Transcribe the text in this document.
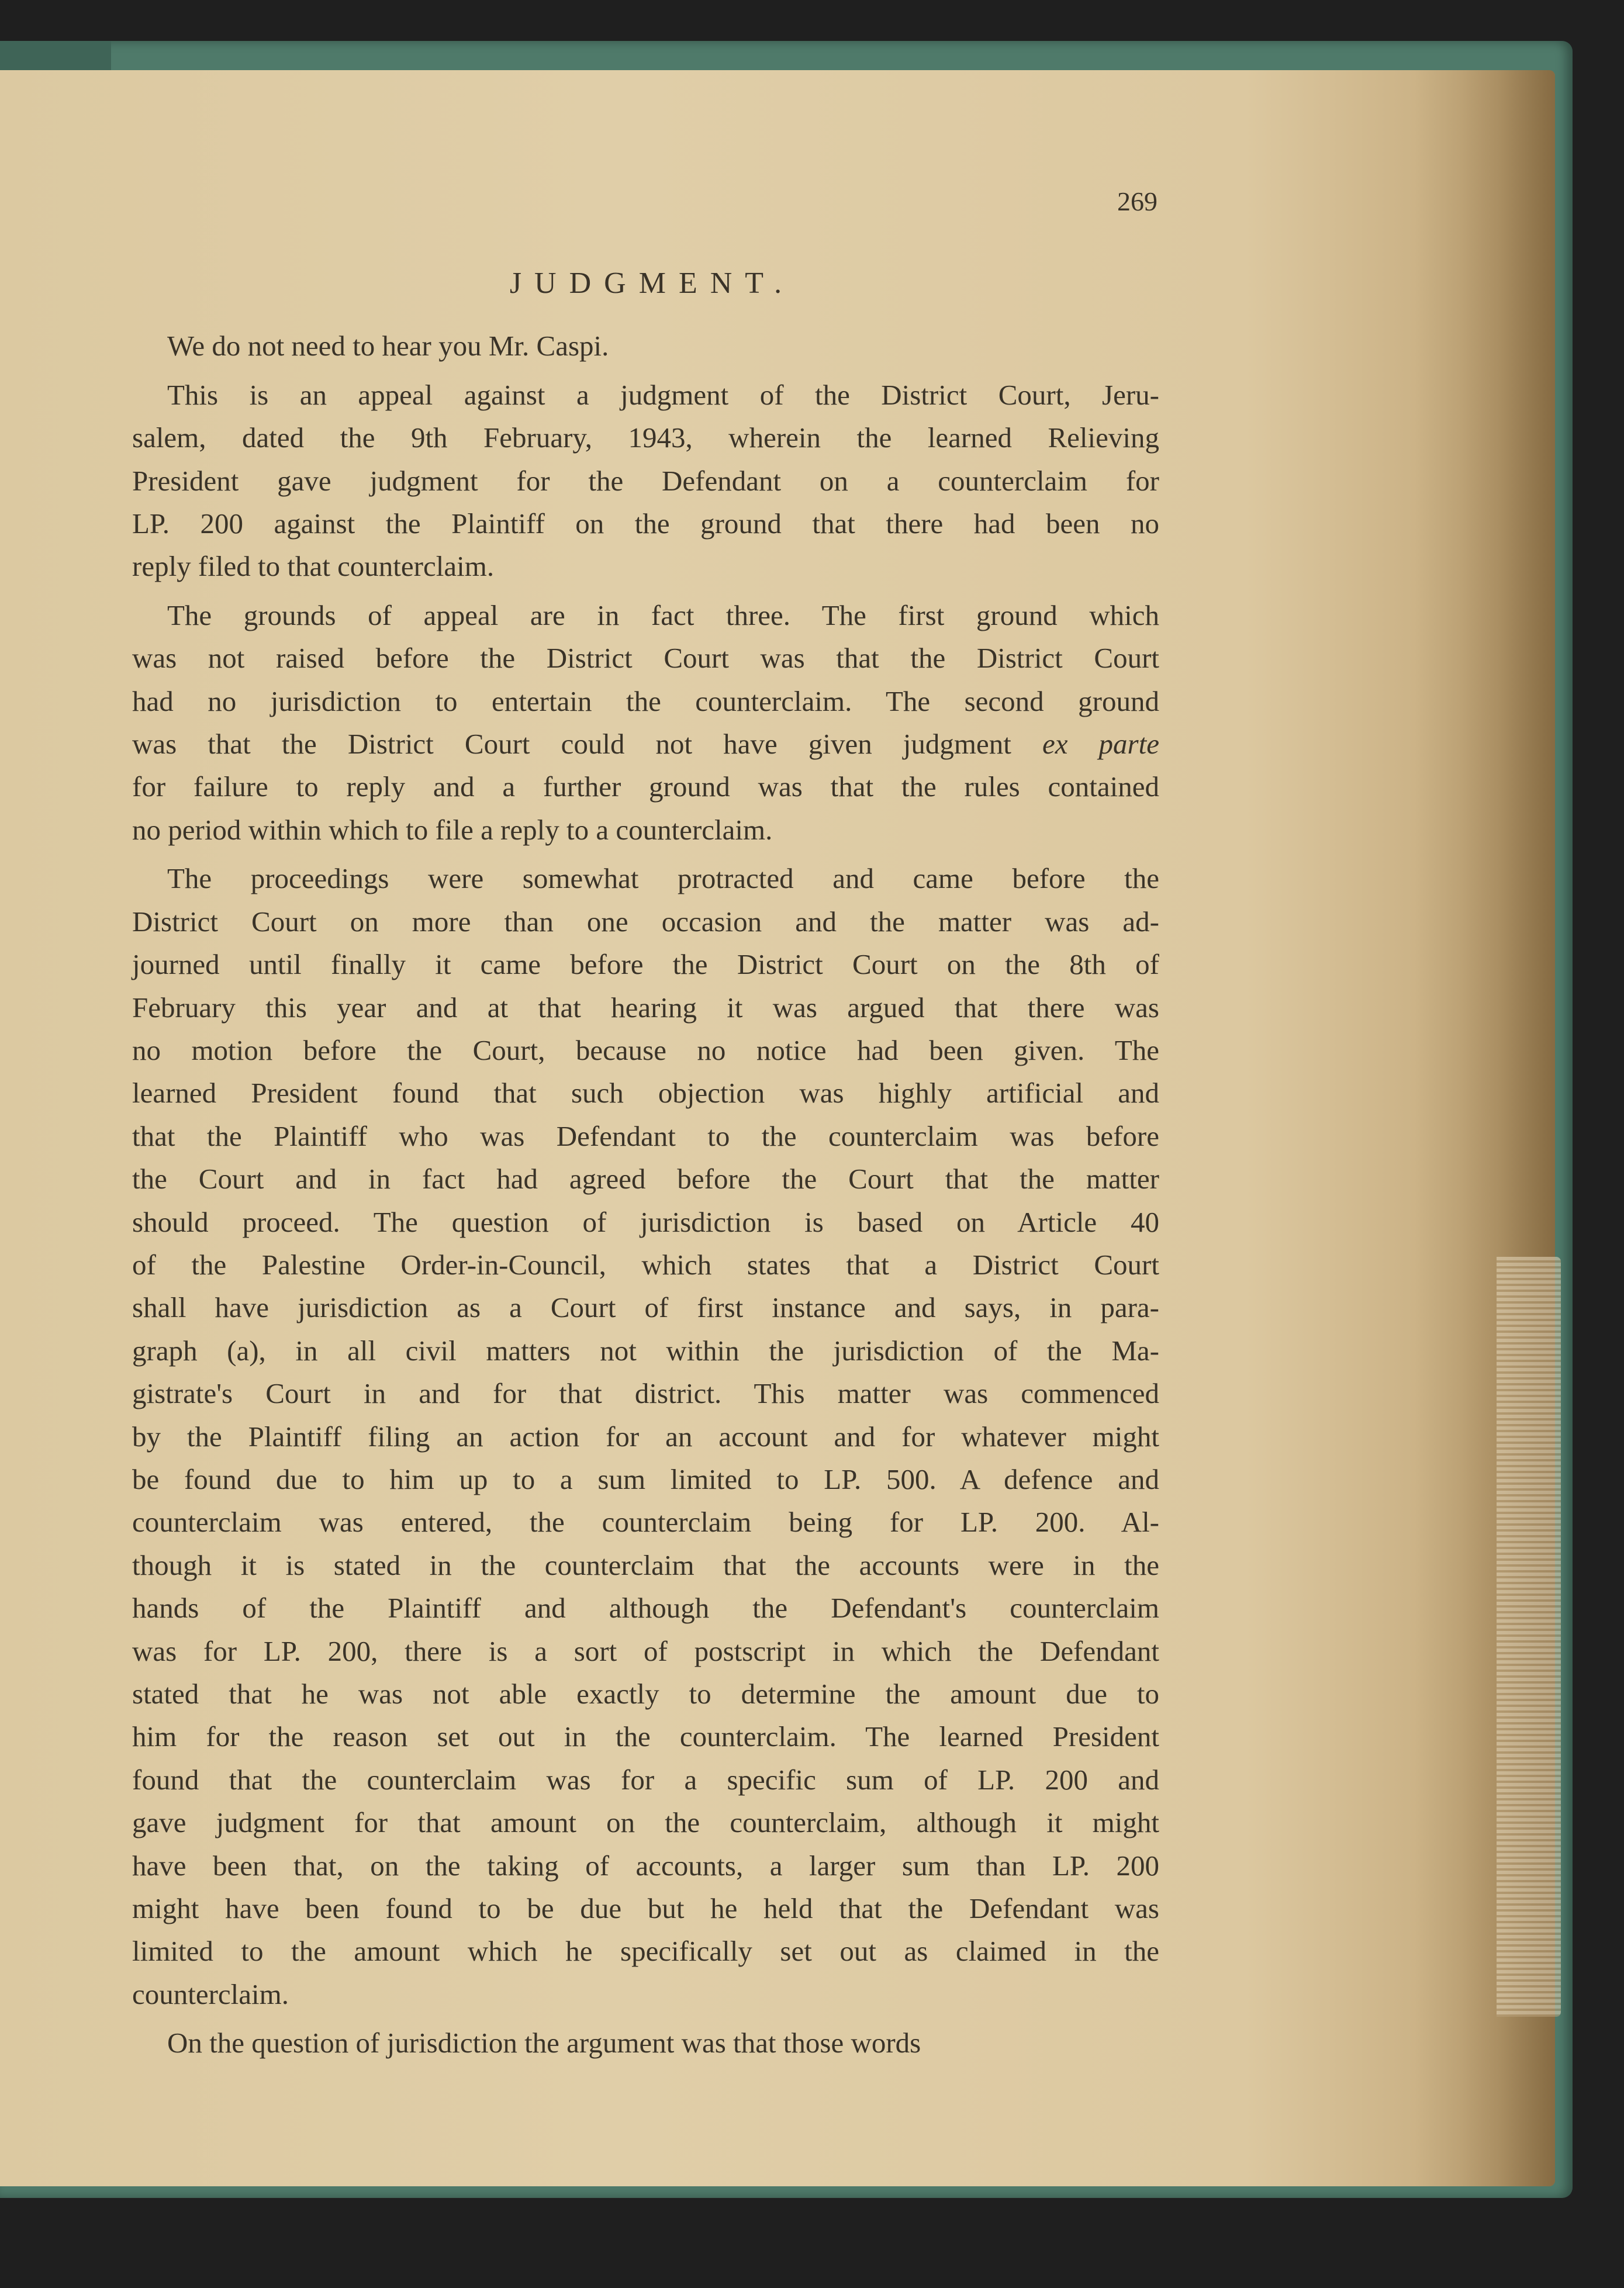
269
JUDGMENT.
We do not need to hear you Mr. Caspi.
This is an appeal against a judgment of the District Court, Jeru-
salem, dated the 9th February, 1943, wherein the learned Relieving
President gave judgment for the Defendant on a counterclaim for
LP. 200 against the Plaintiff on the ground that there had been no
reply filed to that counterclaim.
The grounds of appeal are in fact three. The first ground which
was not raised before the District Court was that the District Court
had no jurisdiction to entertain the counterclaim. The second ground
was that the District Court could not have given judgment ex parte
for failure to reply and a further ground was that the rules contained
no period within which to file a reply to a counterclaim.
The proceedings were somewhat protracted and came before the
District Court on more than one occasion and the matter was ad-
journed until finally it came before the District Court on the 8th of
February this year and at that hearing it was argued that there was
no motion before the Court, because no notice had been given. The
learned President found that such objection was highly artificial and
that the Plaintiff who was Defendant to the counterclaim was before
the Court and in fact had agreed before the Court that the matter
should proceed. The question of jurisdiction is based on Article 40
of the Palestine Order-in-Council, which states that a District Court
shall have jurisdiction as a Court of first instance and says, in para-
graph (a), in all civil matters not within the jurisdiction of the Ma-
gistrate's Court in and for that district. This matter was commenced
by the Plaintiff filing an action for an account and for whatever might
be found due to him up to a sum limited to LP. 500. A defence and
counterclaim was entered, the counterclaim being for LP. 200. Al-
though it is stated in the counterclaim that the accounts were in the
hands of the Plaintiff and although the Defendant's counterclaim
was for LP. 200, there is a sort of postscript in which the Defendant
stated that he was not able exactly to determine the amount due to
him for the reason set out in the counterclaim. The learned President
found that the counterclaim was for a specific sum of LP. 200 and
gave judgment for that amount on the counterclaim, although it might
have been that, on the taking of accounts, a larger sum than LP. 200
might have been found to be due but he held that the Defendant was
limited to the amount which he specifically set out as claimed in the
counterclaim.
On the question of jurisdiction the argument was that those words
